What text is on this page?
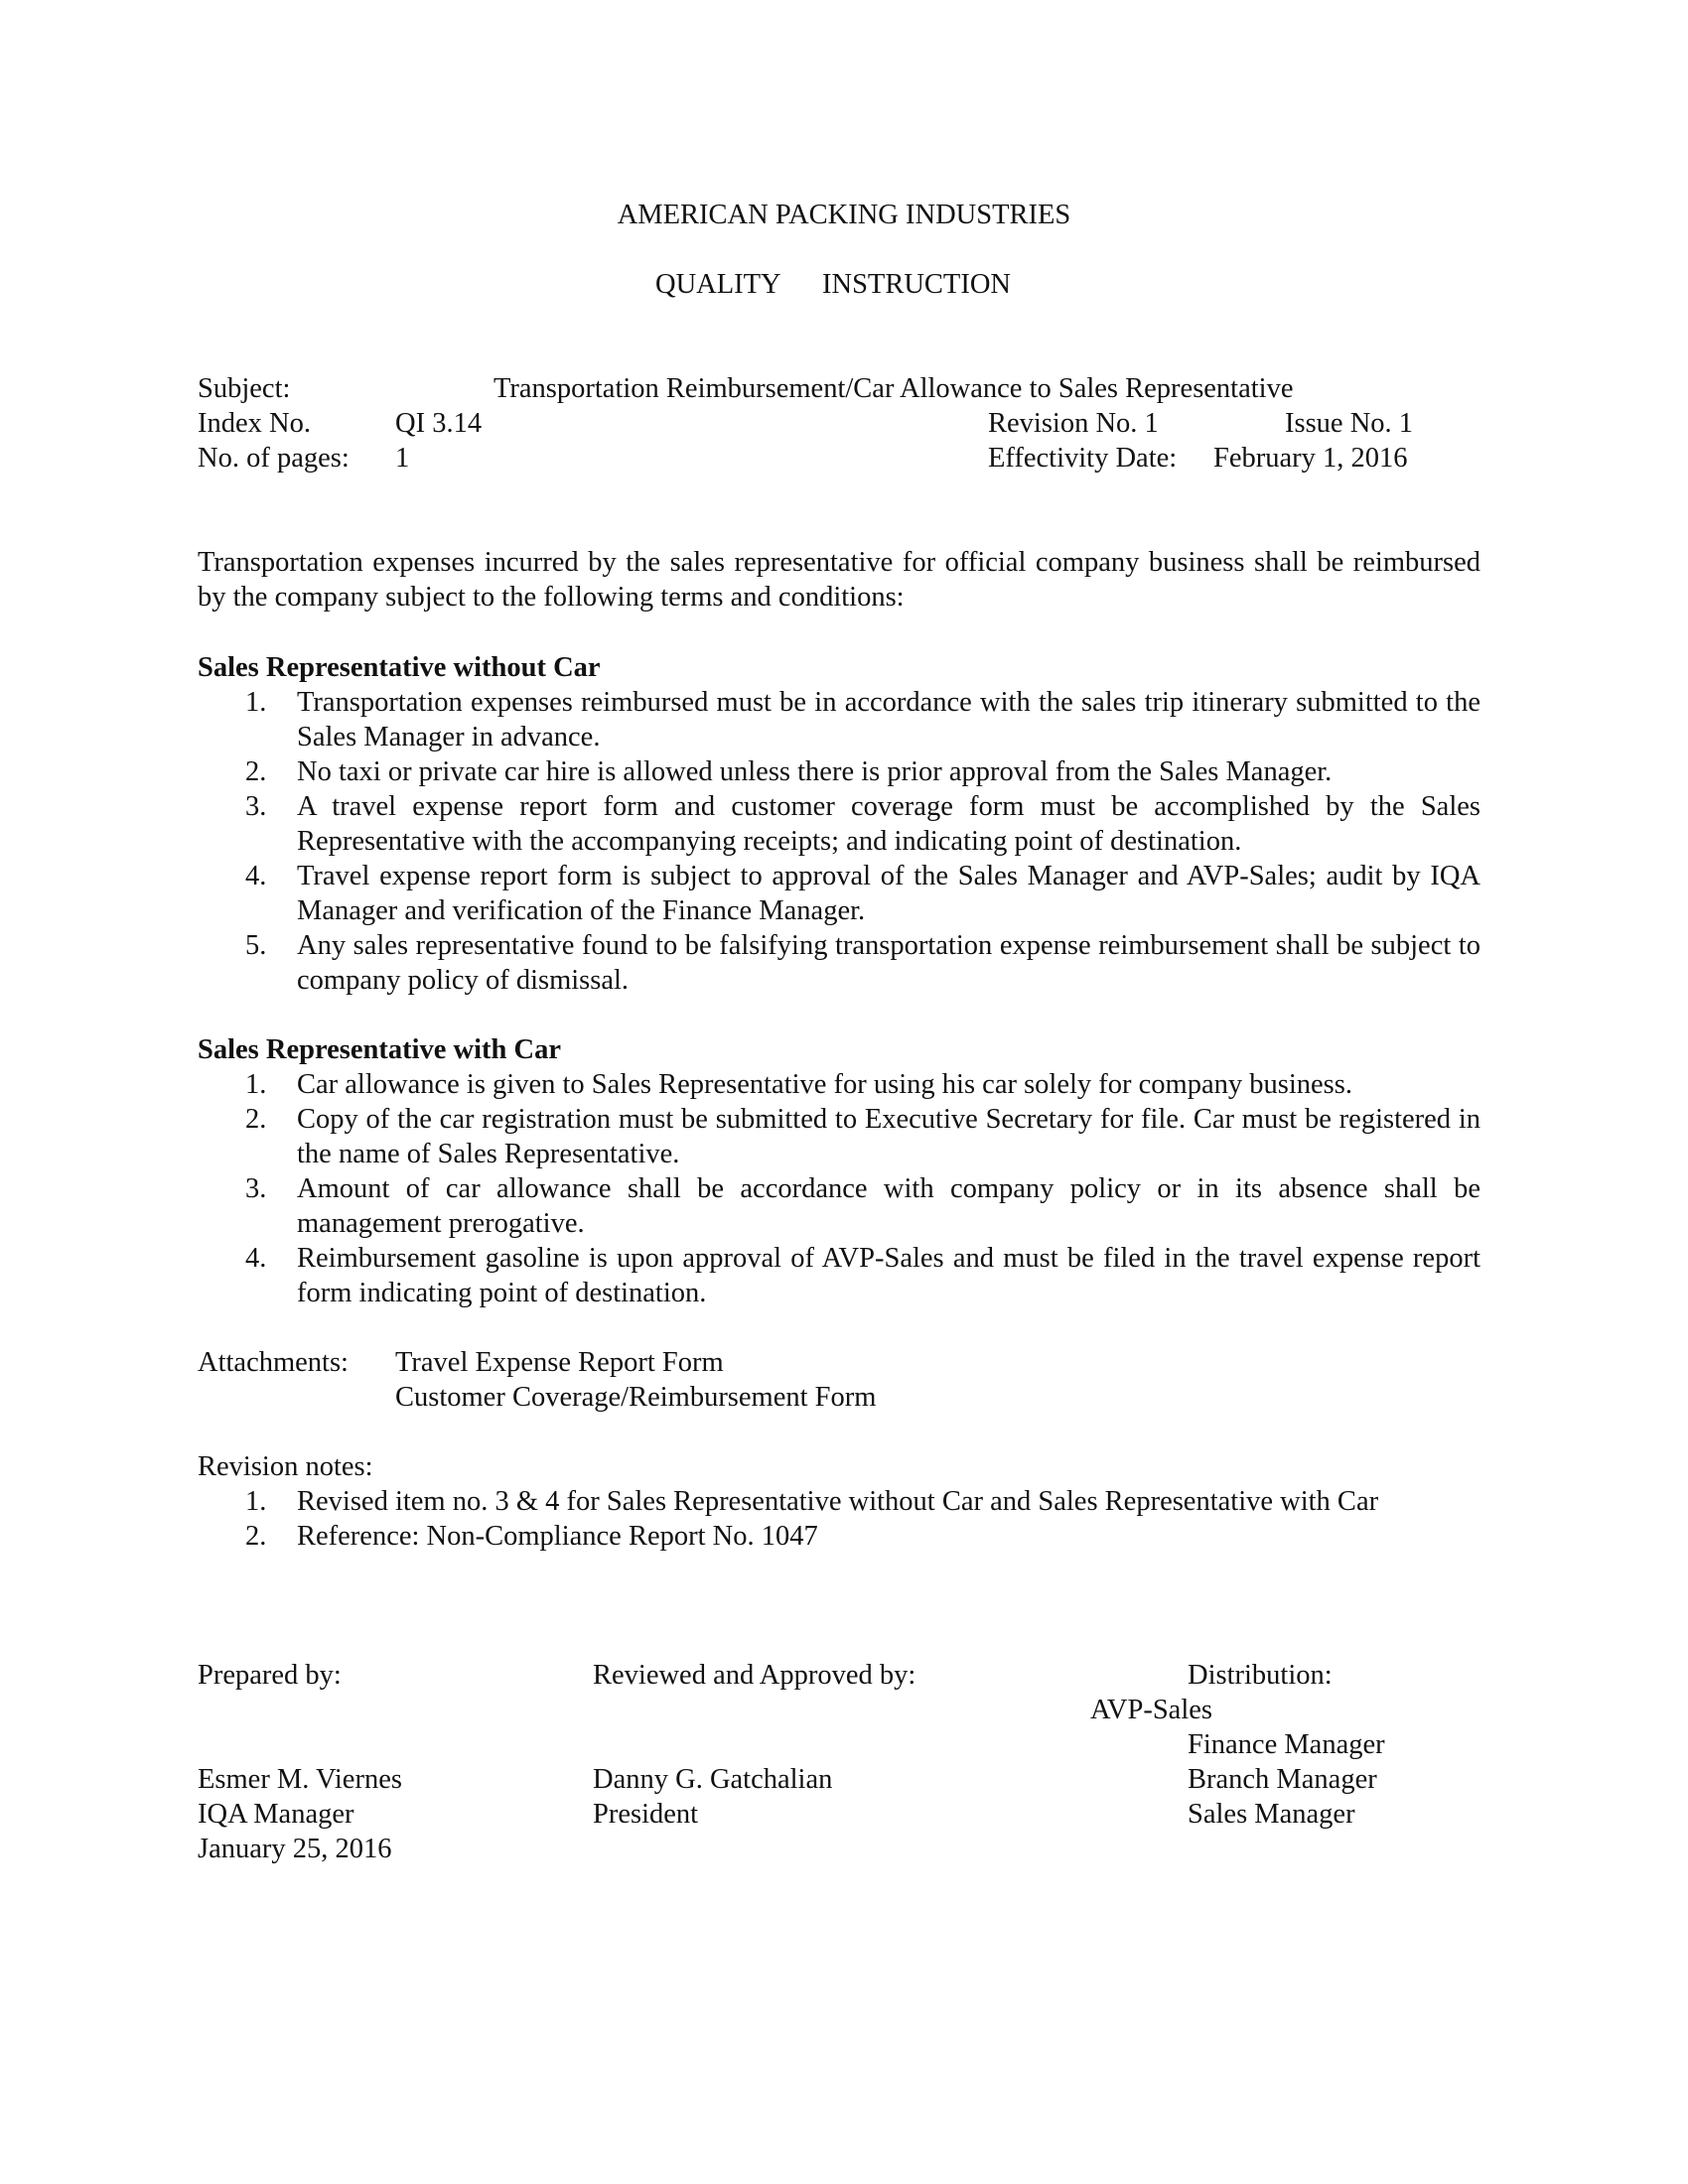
AMERICAN PACKING INDUSTRIES
QUALITY INSTRUCTION
Subject:	Transportation Reimbursement/Car Allowance to Sales Representative
Index No.	QI 3.14	Revision No. 1	Issue No. 1
No. of pages: 1	Effectivity Date: February 1, 2016
Transportation expenses incurred by the sales representative for official company business shall be reimbursed by the company subject to the following terms and conditions:
Sales Representative without Car
1. Transportation expenses reimbursed must be in accordance with the sales trip itinerary submitted to the Sales Manager in advance.
2. No taxi or private car hire is allowed unless there is prior approval from the Sales Manager.
3. A travel expense report form and customer coverage form must be accomplished by the Sales Representative with the accompanying receipts; and indicating point of destination.
4. Travel expense report form is subject to approval of the Sales Manager and AVP-Sales; audit by IQA Manager and verification of the Finance Manager.
5. Any sales representative found to be falsifying transportation expense reimbursement shall be subject to company policy of dismissal.
Sales Representative with Car
1. Car allowance is given to Sales Representative for using his car solely for company business.
2. Copy of the car registration must be submitted to Executive Secretary for file. Car must be registered in the name of Sales Representative.
3. Amount of car allowance shall be accordance with company policy or in its absence shall be management prerogative.
4. Reimbursement gasoline is upon approval of AVP-Sales and must be filed in the travel expense report form indicating point of destination.
Attachments: Travel Expense Report Form
Customer Coverage/Reimbursement Form
Revision notes:
1. Revised item no. 3 & 4 for Sales Representative without Car and Sales Representative with Car
2. Reference: Non-Compliance Report No. 1047
Prepared by:
Esmer M. Viernes
IQA Manager
January 25, 2016
Reviewed and Approved by:
Danny G. Gatchalian
President
Distribution:
AVP-Sales
Finance Manager
Branch Manager
Sales Manager
